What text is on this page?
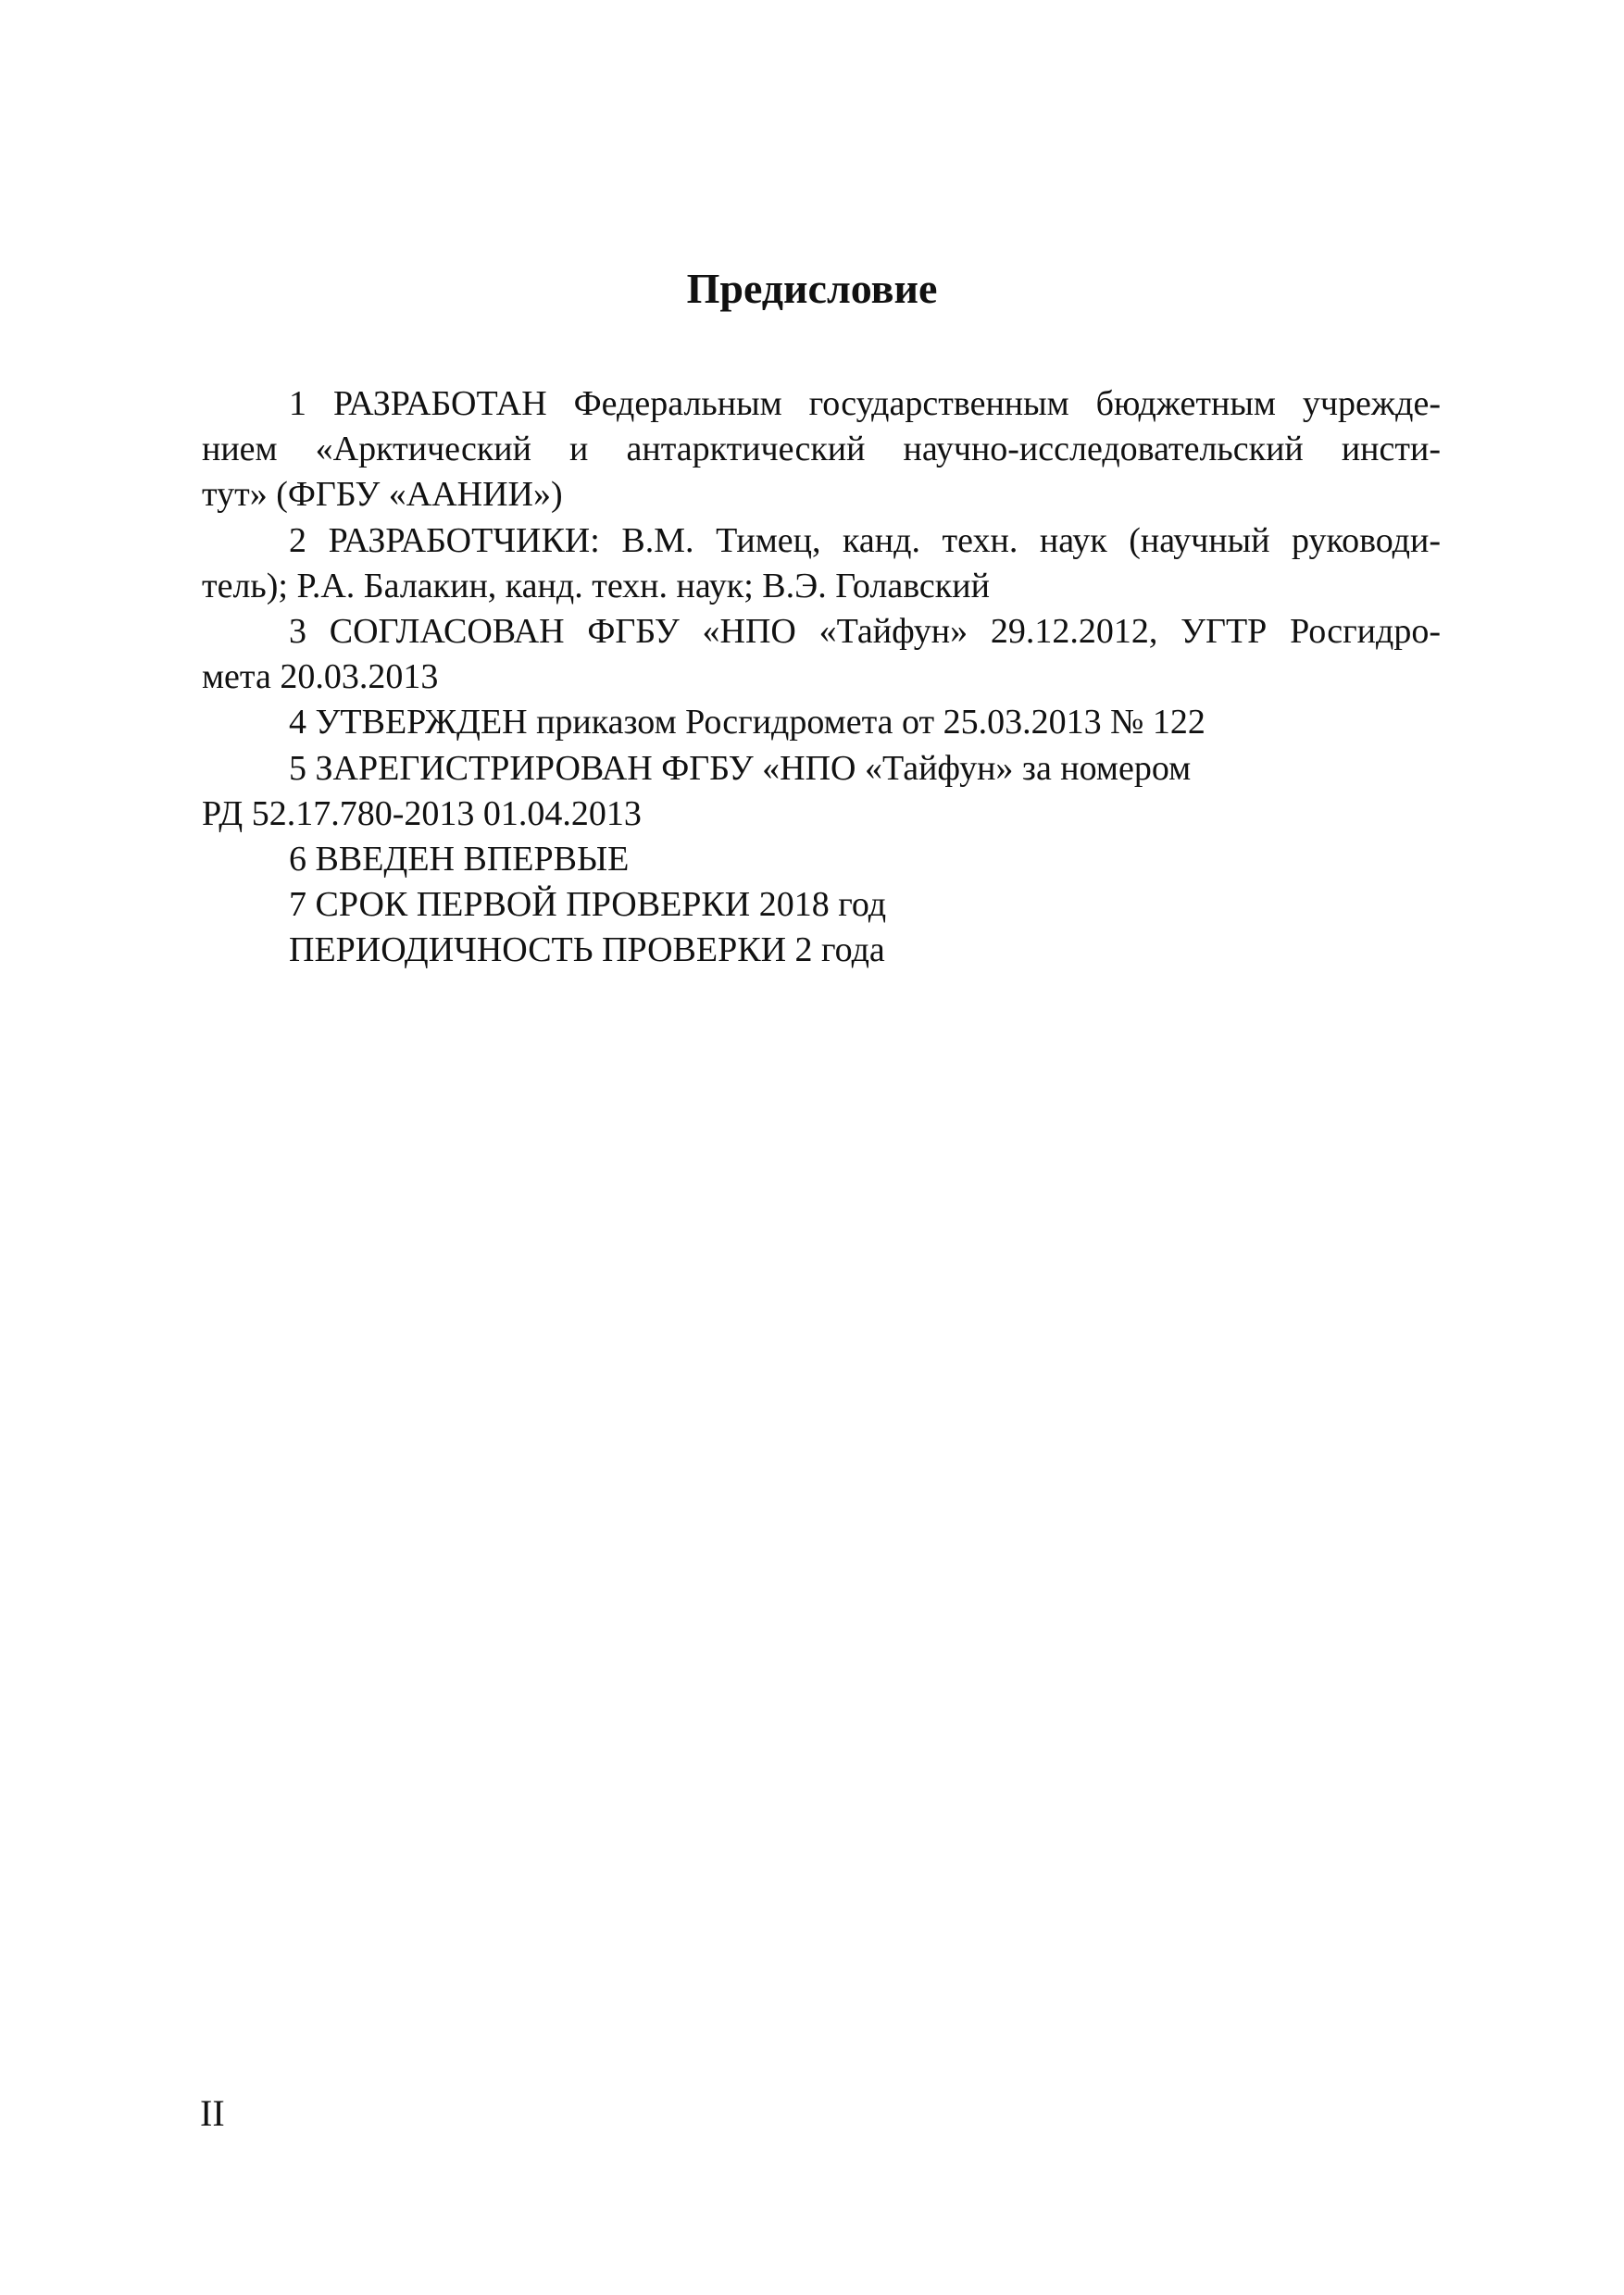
Предисловие
1 РАЗРАБОТАН Федеральным государственным бюджетным учрежде-
нием «Арктический и антарктический научно-исследовательский инсти-
тут» (ФГБУ «ААНИИ»)
2 РАЗРАБОТЧИКИ: В.М. Тимец, канд. техн. наук (научный руководи-
тель); Р.А. Балакин, канд. техн. наук; В.Э. Голавский
3 СОГЛАСОВАН ФГБУ «НПО «Тайфун» 29.12.2012, УГТР Росгидро-
мета 20.03.2013
4 УТВЕРЖДЕН приказом Росгидромета от 25.03.2013 № 122
5 ЗАРЕГИСТРИРОВАН ФГБУ «НПО «Тайфун» за номером
РД 52.17.780-2013 01.04.2013
6 ВВЕДЕН ВПЕРВЫЕ
7 СРОК ПЕРВОЙ ПРОВЕРКИ 2018 год
ПЕРИОДИЧНОСТЬ ПРОВЕРКИ 2 года
II
